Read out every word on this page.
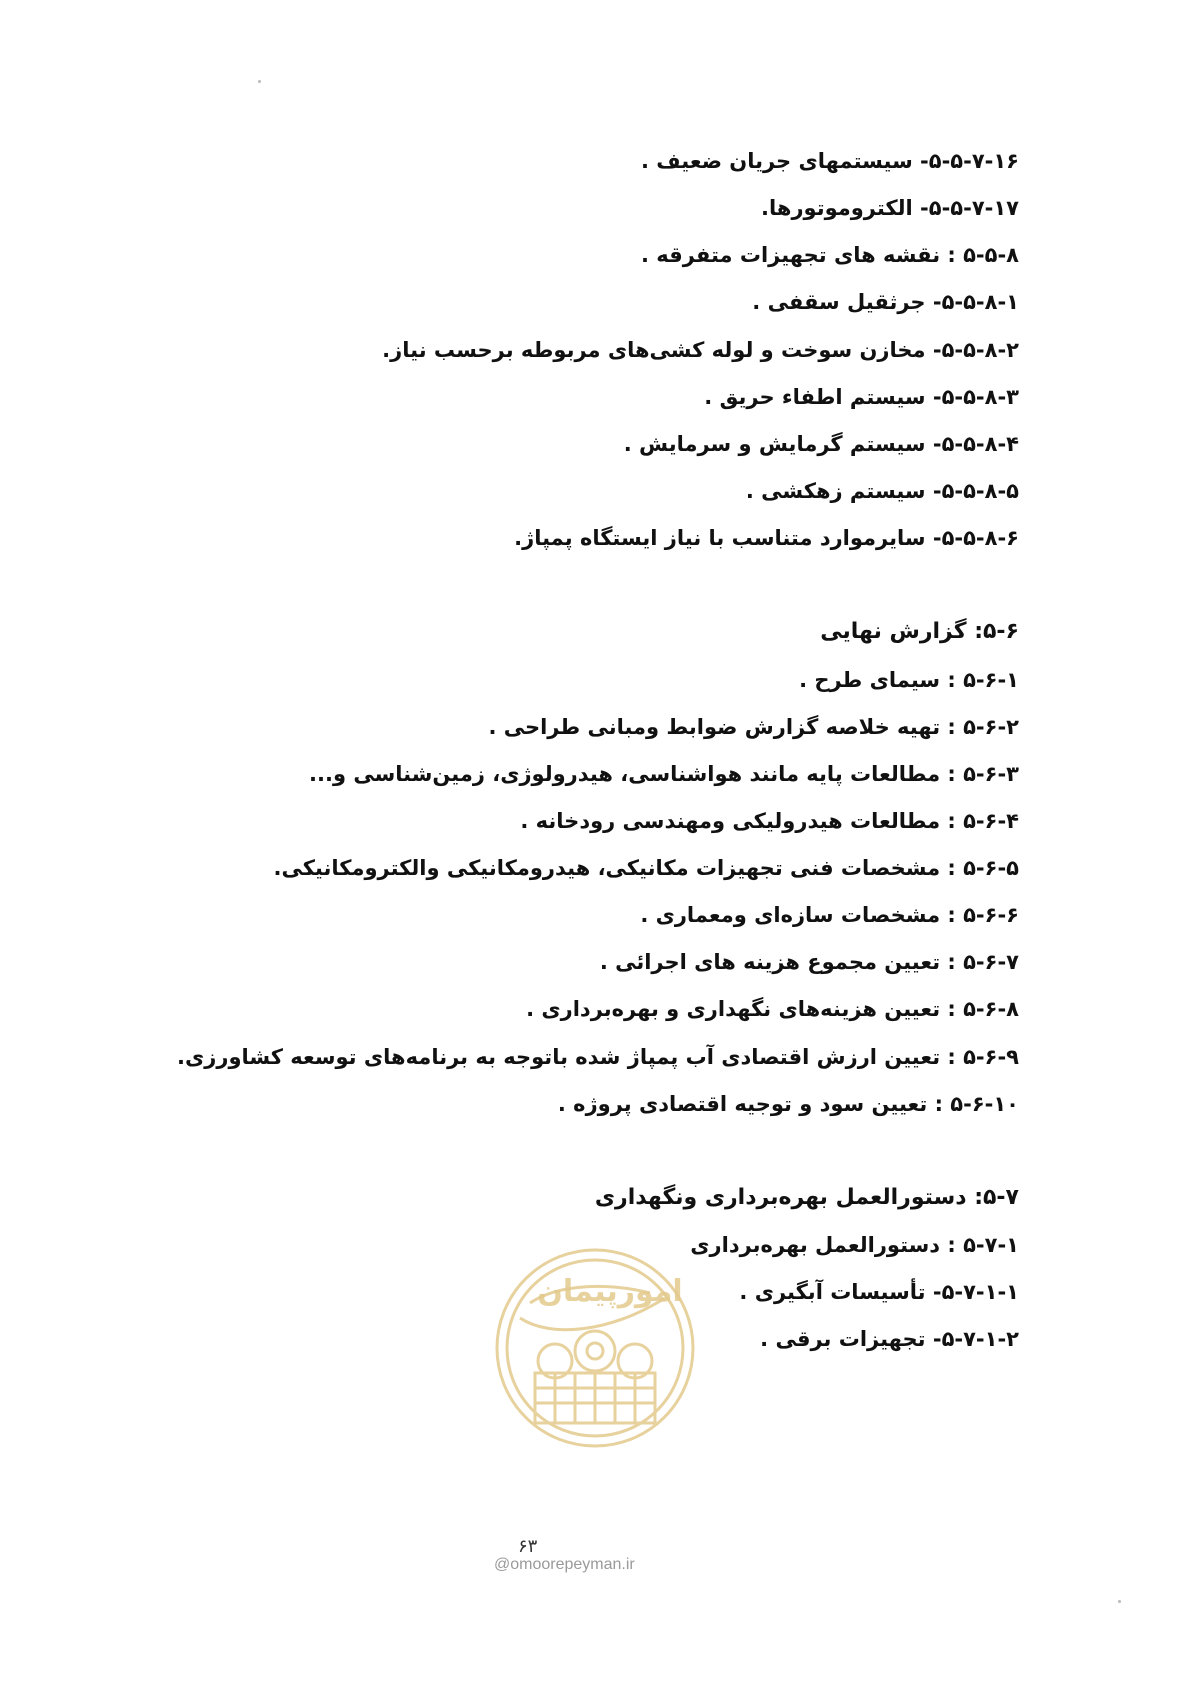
۵-۵-۷-۱۶- سیستمهای جریان ضعیف .
۵-۵-۷-۱۷- الکتروموتورها.
۵-۵-۸ : نقشه های تجهیزات متفرقه .
۵-۵-۸-۱- جرثقیل سقفی .
۵-۵-۸-۲- مخازن سوخت و لوله کشی‌های مربوطه برحسب نیاز.
۵-۵-۸-۳- سیستم اطفاء حریق .
۵-۵-۸-۴- سیستم گرمایش و سرمایش .
۵-۵-۸-۵- سیستم زهکشی .
۵-۵-۸-۶- سایرموارد متناسب با نیاز ایستگاه پمپاژ.
۵-۶: گزارش نهایی
۵-۶-۱ : سیمای طرح .
۵-۶-۲ : تهیه خلاصه گزارش ضوابط ومبانی طراحی .
۵-۶-۳ : مطالعات پایه مانند هواشناسی، هیدرولوژی، زمین‌شناسی و...
۵-۶-۴ : مطالعات هیدرولیکی ومهندسی رودخانه .
۵-۶-۵ : مشخصات فنی تجهیزات مکانیکی، هیدرومکانیکی والکترومکانیکی.
۵-۶-۶ : مشخصات سازه‌ای ومعماری .
۵-۶-۷ : تعیین مجموع هزینه های اجرائی .
۵-۶-۸ : تعیین هزینه‌های نگهداری و بهره‌برداری .
۵-۶-۹ : تعیین ارزش اقتصادی آب پمپاژ شده باتوجه به برنامه‌های توسعه کشاورزی.
۵-۶-۱۰ : تعیین سود و توجیه اقتصادی پروژه .
۵-۷: دستورالعمل بهره‌برداری ونگهداری
۵-۷-۱ : دستورالعمل بهره‌برداری
۵-۷-۱-۱- تأسیسات آبگیری .
۵-۷-۱-۲- تجهیزات برقی .
امورپیمان
۶۳
@omoorepeyman.ir
